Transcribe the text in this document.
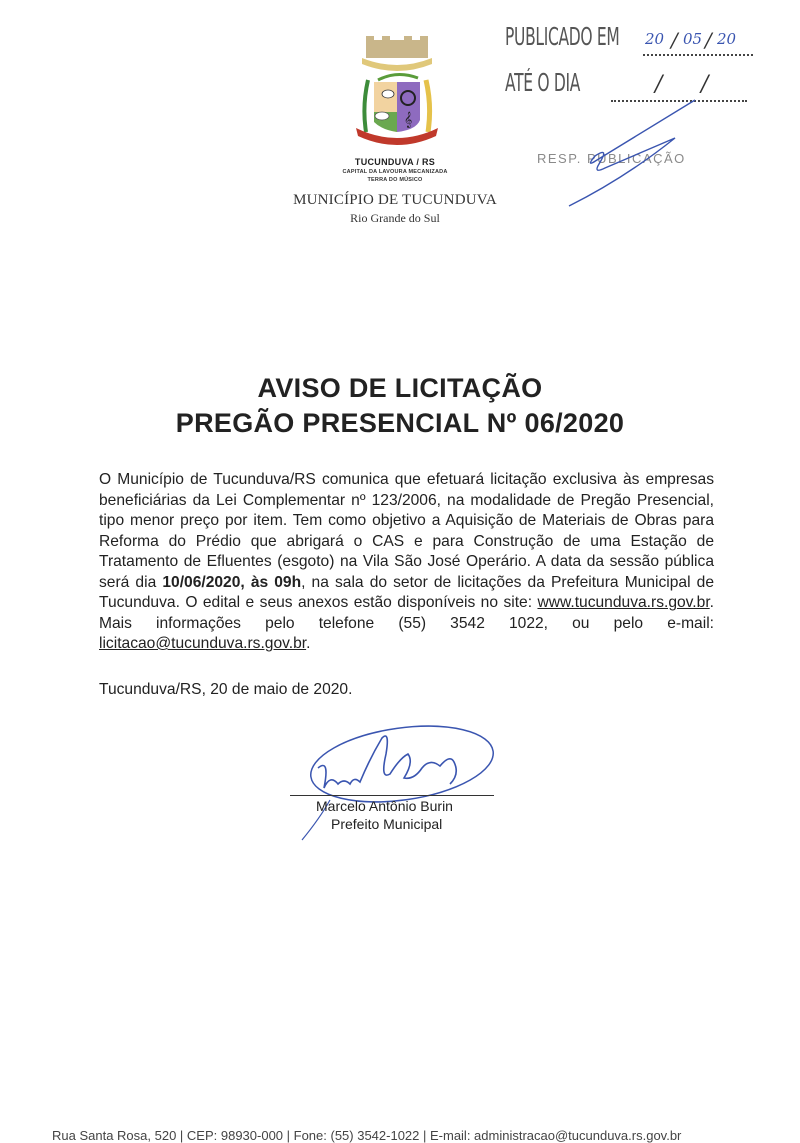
𝄞
TUCUNDUVA / RS
CAPITAL DA LAVOURA MECANIZADA
TERRA DO MÚSICO
MUNICÍPIO DE TUCUNDUVA
Rio Grande do Sul
PUBLICADO EM 20 / 05 / 20
ATÉ O DIA	/ /
RESP. PUBLICAÇÃO
AVISO DE LICITAÇÃO
PREGÃO PRESENCIAL Nº 06/2020
O Município de Tucunduva/RS comunica que efetuará licitação exclusiva às empresas beneficiárias da Lei Complementar nº 123/2006, na modalidade de Pregão Presencial, tipo menor preço por item. Tem como objetivo a Aquisição de Materiais de Obras para Reforma do Prédio que abrigará o CAS e para Construção de uma Estação de Tratamento de Efluentes (esgoto) na Vila São José Operário. A data da sessão pública será dia 10/06/2020, às 09h, na sala do setor de licitações da Prefeitura Municipal de Tucunduva. O edital e seus anexos estão disponíveis no site: www.tucunduva.rs.gov.br. Mais informações pelo telefone (55) 3542 1022, ou pelo e-mail: licitacao@tucunduva.rs.gov.br.
Tucunduva/RS, 20 de maio de 2020.
Marcelo Antônio Burin
Prefeito Municipal
Rua Santa Rosa, 520 | CEP: 98930-000 | Fone: (55) 3542-1022 | E-mail: administracao@tucunduva.rs.gov.br
